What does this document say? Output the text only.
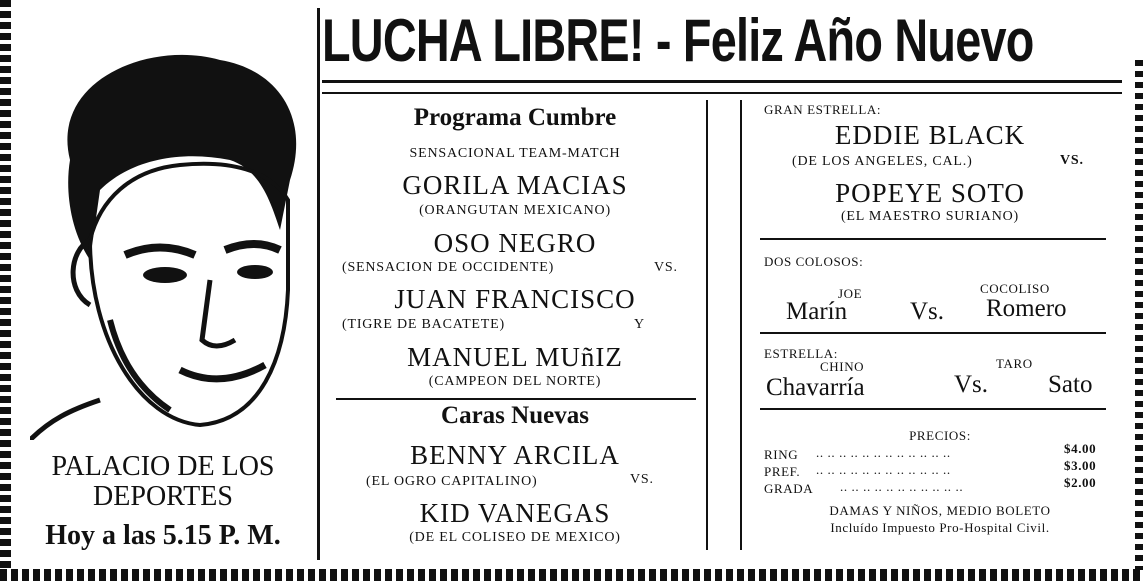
LUCHA LIBRE! - Feliz Año Nuevo
PALACIO DE LOS
DEPORTES
Hoy a las 5.15 P. M.
Programa Cumbre
SENSACIONAL TEAM-MATCH
GORILA MACIAS
(ORANGUTAN MEXICANO)
OSO NEGRO
(SENSACION DE OCCIDENTE)	VS.
JUAN FRANCISCO
(TIGRE DE BACATETE)	Y
MANUEL MUñIZ
(CAMPEON DEL NORTE)
Caras Nuevas
BENNY ARCILA
(EL OGRO CAPITALINO)	VS.
KID VANEGAS
(DE EL COLISEO DE MEXICO)
GRAN ESTRELLA:
EDDIE BLACK
(DE LOS ANGELES, CAL.)	VS.
POPEYE SOTO
(EL MAESTRO SURIANO)
DOS COLOSOS:
JOE
Marín	Vs.
COCOLISO
Romero
ESTRELLA:
CHINO
Chavarría	Vs.
TARO
Sato
PRECIOS:
RING .. .. .. .. .. .. .. .. .. .. .. ..	$4.00
PREF. .. .. .. .. .. .. .. .. .. .. .. ..	$3.00
GRADA .. .. .. .. .. .. .. .. .. .. ..	$2.00
DAMAS Y NIÑOS, MEDIO BOLETO
Incluído Impuesto Pro-Hospital Civil.
